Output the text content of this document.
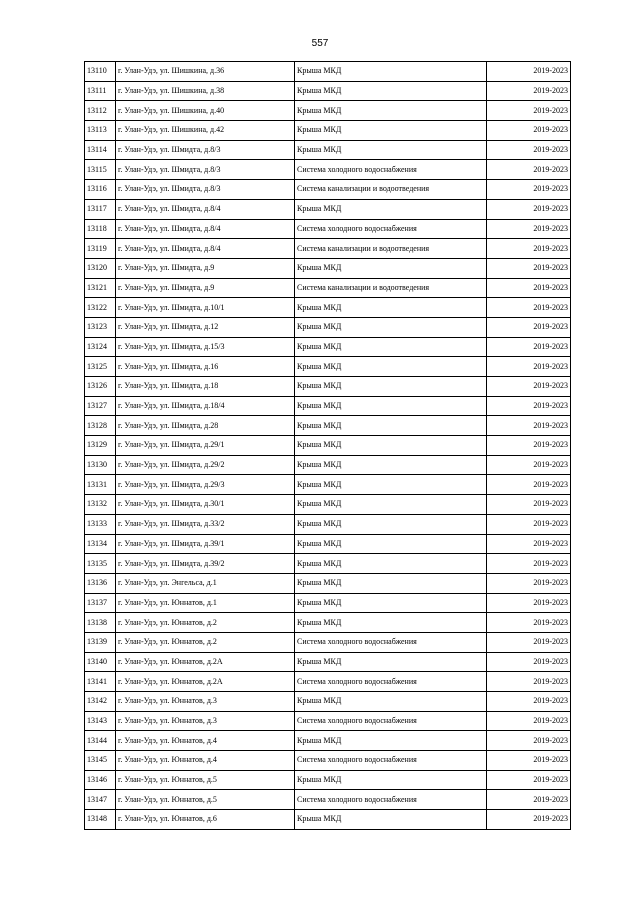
557
13110	г. Улан-Удэ, ул. Шишкина, д.36	Крыша МКД	2019-2023
13111	г. Улан-Удэ, ул. Шишкина, д.38	Крыша МКД	2019-2023
13112	г. Улан-Удэ, ул. Шишкина, д.40	Крыша МКД	2019-2023
13113	г. Улан-Удэ, ул. Шишкина, д.42	Крыша МКД	2019-2023
13114	г. Улан-Удэ, ул. Шмидта, д.8/3	Крыша МКД	2019-2023
13115	г. Улан-Удэ, ул. Шмидта, д.8/3	Система холодного водоснабжения	2019-2023
13116	г. Улан-Удэ, ул. Шмидта, д.8/3	Система канализации и водоотведения	2019-2023
13117	г. Улан-Удэ, ул. Шмидта, д.8/4	Крыша МКД	2019-2023
13118	г. Улан-Удэ, ул. Шмидта, д.8/4	Система холодного водоснабжения	2019-2023
13119	г. Улан-Удэ, ул. Шмидта, д.8/4	Система канализации и водоотведения	2019-2023
13120	г. Улан-Удэ, ул. Шмидта, д.9	Крыша МКД	2019-2023
13121	г. Улан-Удэ, ул. Шмидта, д.9	Система канализации и водоотведения	2019-2023
13122	г. Улан-Удэ, ул. Шмидта, д.10/1	Крыша МКД	2019-2023
13123	г. Улан-Удэ, ул. Шмидта, д.12	Крыша МКД	2019-2023
13124	г. Улан-Удэ, ул. Шмидта, д.15/3	Крыша МКД	2019-2023
13125	г. Улан-Удэ, ул. Шмидта, д.16	Крыша МКД	2019-2023
13126	г. Улан-Удэ, ул. Шмидта, д.18	Крыша МКД	2019-2023
13127	г. Улан-Удэ, ул. Шмидта, д.18/4	Крыша МКД	2019-2023
13128	г. Улан-Удэ, ул. Шмидта, д.28	Крыша МКД	2019-2023
13129	г. Улан-Удэ, ул. Шмидта, д.29/1	Крыша МКД	2019-2023
13130	г. Улан-Удэ, ул. Шмидта, д.29/2	Крыша МКД	2019-2023
13131	г. Улан-Удэ, ул. Шмидта, д.29/3	Крыша МКД	2019-2023
13132	г. Улан-Удэ, ул. Шмидта, д.30/1	Крыша МКД	2019-2023
13133	г. Улан-Удэ, ул. Шмидта, д.33/2	Крыша МКД	2019-2023
13134	г. Улан-Удэ, ул. Шмидта, д.39/1	Крыша МКД	2019-2023
13135	г. Улан-Удэ, ул. Шмидта, д.39/2	Крыша МКД	2019-2023
13136	г. Улан-Удэ, ул. Энгельса, д.1	Крыша МКД	2019-2023
13137	г. Улан-Удэ, ул. Юннатов, д.1	Крыша МКД	2019-2023
13138	г. Улан-Удэ, ул. Юннатов, д.2	Крыша МКД	2019-2023
13139	г. Улан-Удэ, ул. Юннатов, д.2	Система холодного водоснабжения	2019-2023
13140	г. Улан-Удэ, ул. Юннатов, д.2А	Крыша МКД	2019-2023
13141	г. Улан-Удэ, ул. Юннатов, д.2А	Система холодного водоснабжения	2019-2023
13142	г. Улан-Удэ, ул. Юннатов, д.3	Крыша МКД	2019-2023
13143	г. Улан-Удэ, ул. Юннатов, д.3	Система холодного водоснабжения	2019-2023
13144	г. Улан-Удэ, ул. Юннатов, д.4	Крыша МКД	2019-2023
13145	г. Улан-Удэ, ул. Юннатов, д.4	Система холодного водоснабжения	2019-2023
13146	г. Улан-Удэ, ул. Юннатов, д.5	Крыша МКД	2019-2023
13147	г. Улан-Удэ, ул. Юннатов, д.5	Система холодного водоснабжения	2019-2023
13148	г. Улан-Удэ, ул. Юннатов, д.6	Крыша МКД	2019-2023
